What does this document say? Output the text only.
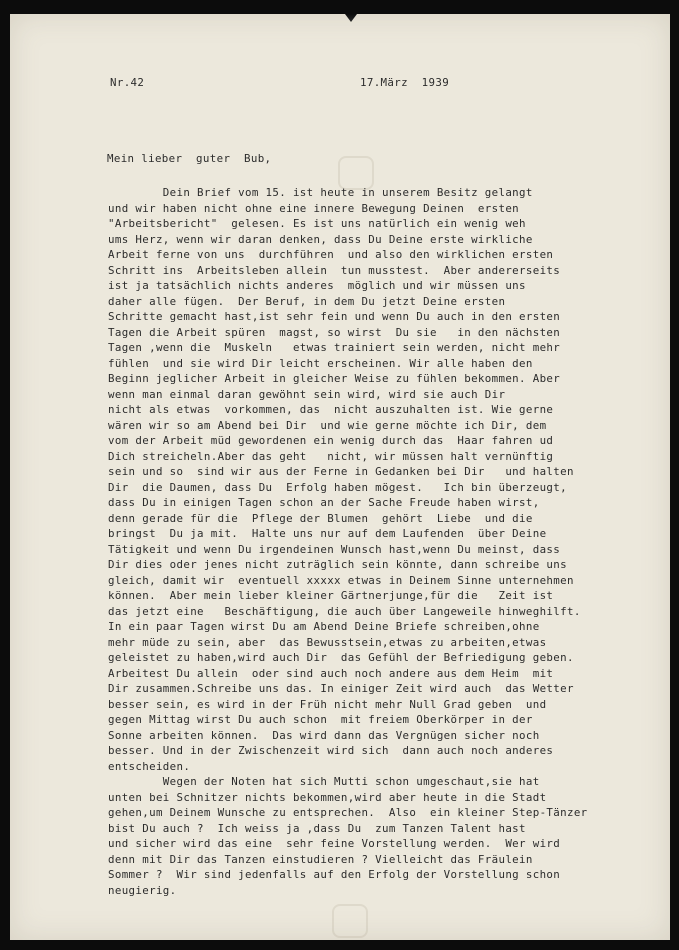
Nr.42	17.März  1939
Mein lieber  guter  Bub,
Dein Brief vom 15. ist heute in unserem Besitz gelangt
und wir haben nicht ohne eine innere Bewegung Deinen  ersten
"Arbeitsbericht"  gelesen. Es ist uns natürlich ein wenig weh
ums Herz, wenn wir daran denken, dass Du Deine erste wirkliche
Arbeit ferne von uns  durchführen  und also den wirklichen ersten
Schritt ins  Arbeitsleben allein  tun musstest.  Aber andererseits
ist ja tatsächlich nichts anderes  möglich und wir müssen uns
daher alle fügen.  Der Beruf, in dem Du jetzt Deine ersten
Schritte gemacht hast,ist sehr fein und wenn Du auch in den ersten
Tagen die Arbeit spüren  magst, so wirst  Du sie   in den nächsten
Tagen ,wenn die  Muskeln   etwas trainiert sein werden, nicht mehr
fühlen  und sie wird Dir leicht erscheinen. Wir alle haben den
Beginn jeglicher Arbeit in gleicher Weise zu fühlen bekommen. Aber
wenn man einmal daran gewöhnt sein wird, wird sie auch Dir
nicht als etwas  vorkommen, das  nicht auszuhalten ist. Wie gerne
wären wir so am Abend bei Dir  und wie gerne möchte ich Dir, dem
vom der Arbeit müd gewordenen ein wenig durch das  Haar fahren ud
Dich streicheln.Aber das geht   nicht, wir müssen halt vernünftig
sein und so  sind wir aus der Ferne in Gedanken bei Dir   und halten
Dir  die Daumen, dass Du  Erfolg haben mögest.   Ich bin überzeugt,
dass Du in einigen Tagen schon an der Sache Freude haben wirst,
denn gerade für die  Pflege der Blumen  gehört  Liebe  und die
bringst  Du ja mit.  Halte uns nur auf dem Laufenden  über Deine
Tätigkeit und wenn Du irgendeinen Wunsch hast,wenn Du meinst, dass
Dir dies oder jenes nicht zuträglich sein könnte, dann schreibe uns
gleich, damit wir  eventuell xxxxx etwas in Deinem Sinne unternehmen
können.  Aber mein lieber kleiner Gärtnerjunge,für die   Zeit ist
das jetzt eine   Beschäftigung, die auch über Langeweile hinweghilft.
In ein paar Tagen wirst Du am Abend Deine Briefe schreiben,ohne
mehr müde zu sein, aber  das Bewusstsein,etwas zu arbeiten,etwas
geleistet zu haben,wird auch Dir  das Gefühl der Befriedigung geben.
Arbeitest Du allein  oder sind auch noch andere aus dem Heim  mit
Dir zusammen.Schreibe uns das. In einiger Zeit wird auch  das Wetter
besser sein, es wird in der Früh nicht mehr Null Grad geben  und
gegen Mittag wirst Du auch schon  mit freiem Oberkörper in der
Sonne arbeiten können.  Das wird dann das Vergnügen sicher noch
besser. Und in der Zwischenzeit wird sich  dann auch noch anderes
entscheiden.
Wegen der Noten hat sich Mutti schon umgeschaut,sie hat
unten bei Schnitzer nichts bekommen,wird aber heute in die Stadt
gehen,um Deinem Wunsche zu entsprechen.  Also  ein kleiner Step-Tänzer
bist Du auch ?  Ich weiss ja ,dass Du  zum Tanzen Talent hast
und sicher wird das eine  sehr feine Vorstellung werden.  Wer wird
denn mit Dir das Tanzen einstudieren ? Vielleicht das Fräulein
Sommer ?  Wir sind jedenfalls auf den Erfolg der Vorstellung schon
neugierig.
